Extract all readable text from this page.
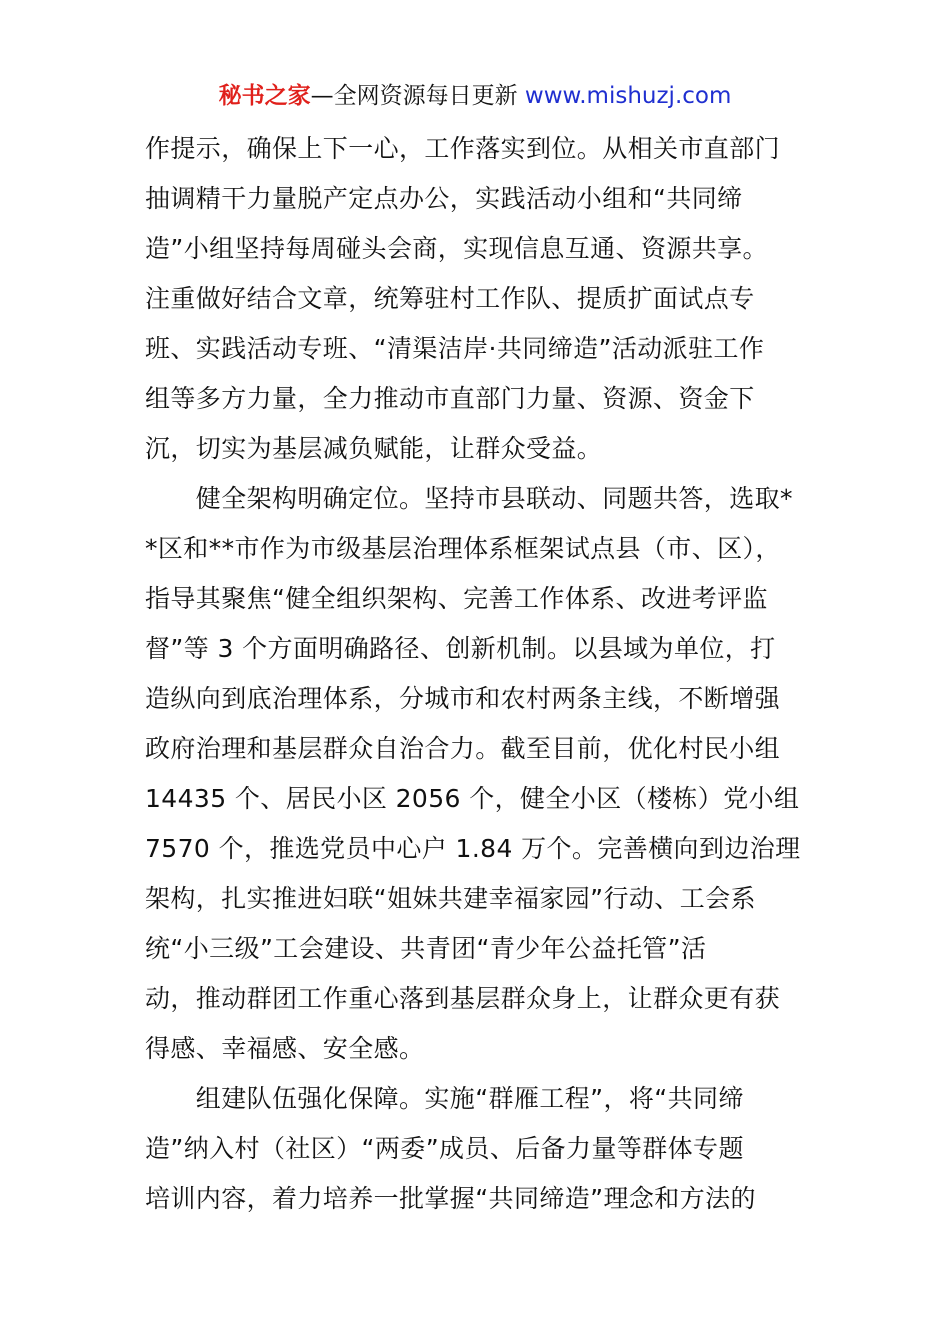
秘书之家—全网资源每日更新 www.mishuzj.com
作提示，确保上下一心，工作落实到位。从相关市直部门
抽调精干力量脱产定点办公，实践活动小组和“共同缔
造”小组坚持每周碰头会商，实现信息互通、资源共享。
注重做好结合文章，统筹驻村工作队、提质扩面试点专
班、实践活动专班、“清渠洁岸·共同缔造”活动派驻工作
组等多方力量，全力推动市直部门力量、资源、资金下
沉，切实为基层减负赋能，让群众受益。
　　健全架构明确定位。坚持市县联动、同题共答，选取*
*区和**市作为市级基层治理体系框架试点县（市、区），
指导其聚焦“健全组织架构、完善工作体系、改进考评监
督”等 3 个方面明确路径、创新机制。以县域为单位，打
造纵向到底治理体系，分城市和农村两条主线，不断增强
政府治理和基层群众自治合力。截至目前，优化村民小组
14435 个、居民小区 2056 个，健全小区（楼栋）党小组
7570 个，推选党员中心户 1.84 万个。完善横向到边治理
架构，扎实推进妇联“姐妹共建幸福家园”行动、工会系
统“小三级”工会建设、共青团“青少年公益托管”活
动，推动群团工作重心落到基层群众身上，让群众更有获
得感、幸福感、安全感。
　　组建队伍强化保障。实施“群雁工程”，将“共同缔
造”纳入村（社区）“两委”成员、后备力量等群体专题
培训内容，着力培养一批掌握“共同缔造”理念和方法的
